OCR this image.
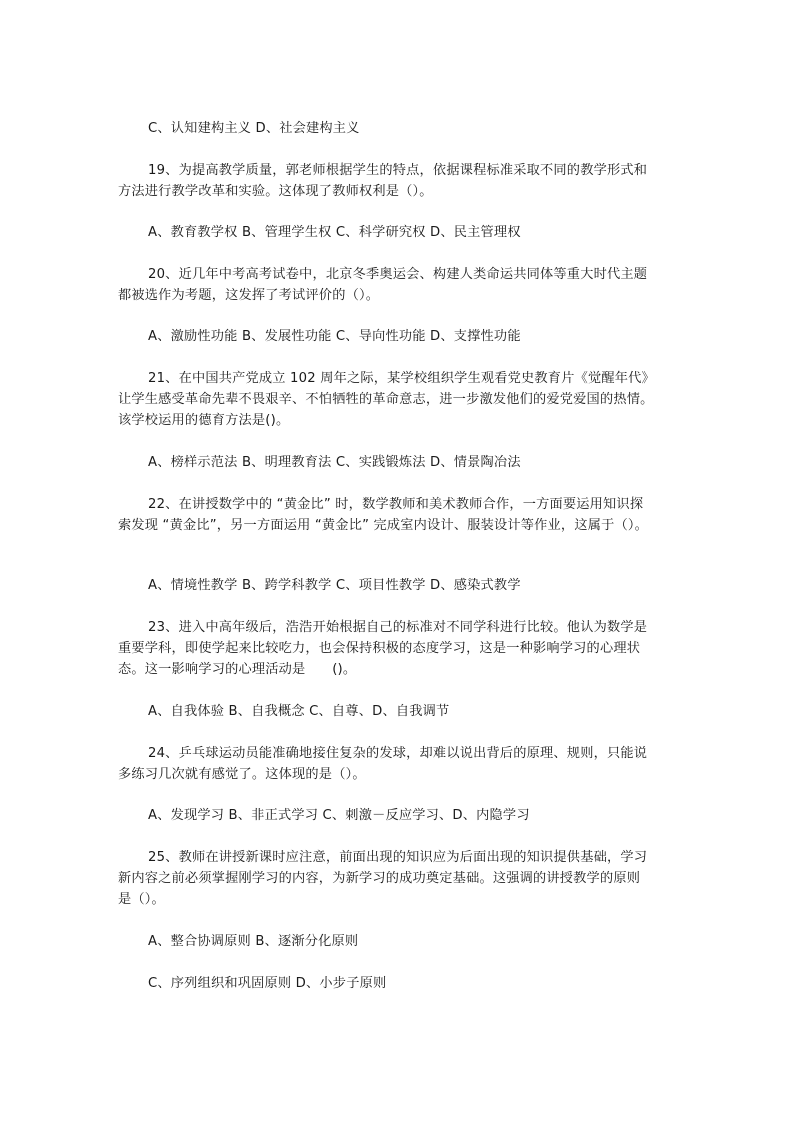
C、认知建构主义 D、社会建构主义
19、为提高教学质量，郭老师根据学生的特点，依据课程标准采取不同的教学形式和
方法进行教学改革和实验。这体现了教师权利是（）。
A、教育教学权 B、管理学生权 C、科学研究权 D、民主管理权
20、近几年中考高考试卷中，北京冬季奥运会、构建人类命运共同体等重大时代主题
都被选作为考题，这发挥了考试评价的（）。
A、激励性功能 B、发展性功能 C、导向性功能 D、支撑性功能
21、在中国共产党成立 102 周年之际，某学校组织学生观看党史教育片《觉醒年代》
让学生感受革命先辈不畏艰辛、不怕牺牲的革命意志，进一步激发他们的爱党爱国的热情。
该学校运用的德育方法是()。
A、榜样示范法 B、明理教育法 C、实践锻炼法 D、情景陶冶法
22、在讲授数学中的 “黄金比” 时，数学教师和美术教师合作，一方面要运用知识探
索发现 “黄金比”，另一方面运用 “黄金比” 完成室内设计、服装设计等作业，这属于（）。
A、情境性教学 B、跨学科教学 C、项目性教学 D、感染式教学
23、进入中高年级后，浩浩开始根据自己的标准对不同学科进行比较。他认为数学是
重要学科，即使学起来比较吃力，也会保持积极的态度学习，这是一种影响学习的心理状
态。这一影响学习的心理活动是　　()。
A、自我体验 B、自我概念 C、自尊、D、自我调节
24、乒乓球运动员能准确地接住复杂的发球，却难以说出背后的原理、规则，只能说
多练习几次就有感觉了。这体现的是（）。
A、发现学习 B、非正式学习 C、刺激－反应学习、D、内隐学习
25、教师在讲授新课时应注意，前面出现的知识应为后面出现的知识提供基础，学习
新内容之前必须掌握刚学习的内容，为新学习的成功奠定基础。这强调的讲授教学的原则
是（）。
A、整合协调原则 B、逐渐分化原则
C、序列组织和巩固原则 D、小步子原则
